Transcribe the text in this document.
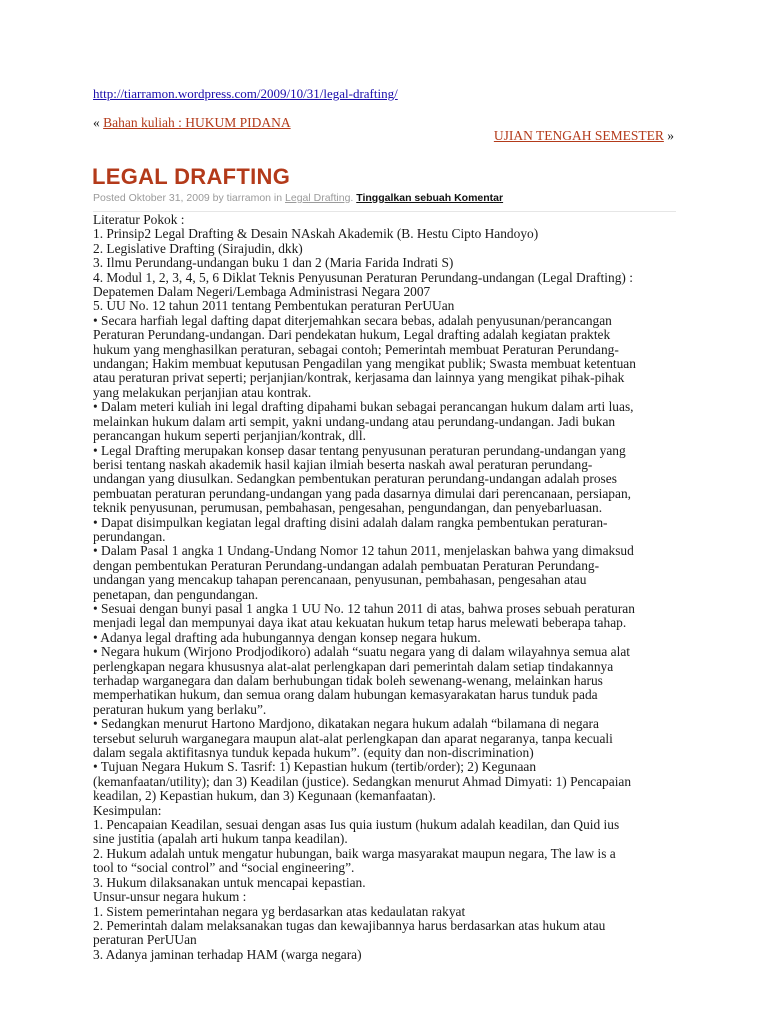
http://tiarramon.wordpress.com/2009/10/31/legal-drafting/
« Bahan kuliah : HUKUM PIDANA
UJIAN TENGAH SEMESTER »
LEGAL DRAFTING
Posted Oktober 31, 2009 by tiarramon in Legal Drafting. Tinggalkan sebuah Komentar
Literatur Pokok :
1. Prinsip2 Legal Drafting & Desain NAskah Akademik (B. Hestu Cipto Handoyo)
2. Legislative Drafting (Sirajudin, dkk)
3. Ilmu Perundang-undangan buku 1 dan 2 (Maria Farida Indrati S)
4. Modul 1, 2, 3, 4, 5, 6 Diklat Teknis Penyusunan Peraturan Perundang-undangan (Legal Drafting) :
Depatemen Dalam Negeri/Lembaga Administrasi Negara 2007
5. UU No. 12 tahun 2011 tentang Pembentukan peraturan PerUUan
• Secara harfiah legal dafting dapat diterjemahkan secara bebas, adalah penyusunan/perancangan
Peraturan Perundang-undangan. Dari pendekatan hukum, Legal drafting adalah kegiatan praktek
hukum yang menghasilkan peraturan, sebagai contoh; Pemerintah membuat Peraturan Perundang-
undangan; Hakim membuat keputusan Pengadilan yang mengikat publik; Swasta membuat ketentuan
atau peraturan privat seperti; perjanjian/kontrak, kerjasama dan lainnya yang mengikat pihak-pihak
yang melakukan perjanjian atau kontrak.
• Dalam meteri kuliah ini legal drafting dipahami bukan sebagai perancangan hukum dalam arti luas,
melainkan hukum dalam arti sempit, yakni undang-undang atau perundang-undangan. Jadi bukan
perancangan hukum seperti perjanjian/kontrak, dll.
• Legal Drafting merupakan konsep dasar tentang penyusunan peraturan perundang-undangan yang
berisi tentang naskah akademik hasil kajian ilmiah beserta naskah awal peraturan perundang-
undangan yang diusulkan. Sedangkan pembentukan peraturan perundang-undangan adalah proses
pembuatan peraturan perundang-undangan yang pada dasarnya dimulai dari perencanaan, persiapan,
teknik penyusunan, perumusan, pembahasan, pengesahan, pengundangan, dan penyebarluasan.
• Dapat disimpulkan kegiatan legal drafting disini adalah dalam rangka pembentukan peraturan-
perundangan.
• Dalam Pasal 1 angka 1 Undang-Undang Nomor 12 tahun 2011, menjelaskan bahwa yang dimaksud
dengan pembentukan Peraturan Perundang-undangan adalah pembuatan Peraturan Perundang-
undangan yang mencakup tahapan perencanaan, penyusunan, pembahasan, pengesahan atau
penetapan, dan pengundangan.
• Sesuai dengan bunyi pasal 1 angka 1 UU No. 12 tahun 2011 di atas, bahwa proses sebuah peraturan
menjadi legal dan mempunyai daya ikat atau kekuatan hukum tetap harus melewati beberapa tahap.
• Adanya legal drafting ada hubungannya dengan konsep negara hukum.
• Negara hukum (Wirjono Prodjodikoro) adalah “suatu negara yang di dalam wilayahnya semua alat
perlengkapan negara khususnya alat-alat perlengkapan dari pemerintah dalam setiap tindakannya
terhadap warganegara dan dalam berhubungan tidak boleh sewenang-wenang, melainkan harus
memperhatikan hukum, dan semua orang dalam hubungan kemasyarakatan harus tunduk pada
peraturan hukum yang berlaku”.
• Sedangkan menurut Hartono Mardjono, dikatakan negara hukum adalah “bilamana di negara
tersebut seluruh warganegara maupun alat-alat perlengkapan dan aparat negaranya, tanpa kecuali
dalam segala aktifitasnya tunduk kepada hukum”. (equity dan non-discrimination)
• Tujuan Negara Hukum S. Tasrif: 1) Kepastian hukum (tertib/order); 2) Kegunaan
(kemanfaatan/utility); dan 3) Keadilan (justice). Sedangkan menurut Ahmad Dimyati: 1) Pencapaian
keadilan, 2) Kepastian hukum, dan 3) Kegunaan (kemanfaatan).
Kesimpulan:
1. Pencapaian Keadilan, sesuai dengan asas Ius quia iustum (hukum adalah keadilan, dan Quid ius
sine justitia (apalah arti hukum tanpa keadilan).
2. Hukum adalah untuk mengatur hubungan, baik warga masyarakat maupun negara, The law is a
tool to “social control” and “social engineering”.
3. Hukum dilaksanakan untuk mencapai kepastian.
Unsur-unsur negara hukum :
1. Sistem pemerintahan negara yg berdasarkan atas kedaulatan rakyat
2. Pemerintah dalam melaksanakan tugas dan kewajibannya harus berdasarkan atas hukum atau
peraturan PerUUan
3. Adanya jaminan terhadap HAM (warga negara)
